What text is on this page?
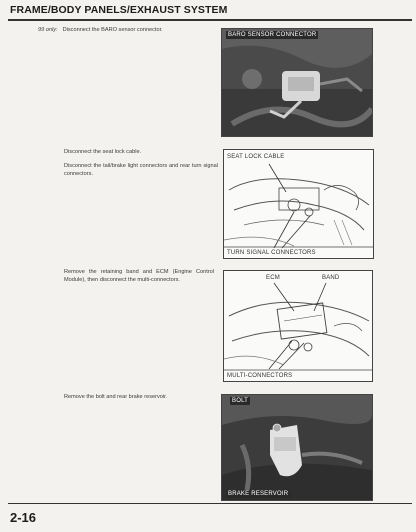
FRAME/BODY PANELS/EXHAUST SYSTEM

99 only: Disconnect the BARO sensor connector.

BARO SENSOR CONNECTOR

Disconnect the seat lock cable.

Disconnect the tail/brake light connectors and rear turn signal connectors.

SEAT LOCK CABLE
TURN SIGNAL CONNECTORS

Remove the retaining band and ECM (Engine Control Module), then disconnect the multi-connectors.	ECM	BAND
MULTI-CONNECTORS

Remove the bolt and rear brake reservoir.

BOLT
BRAKE RESERVOIR
2-16
